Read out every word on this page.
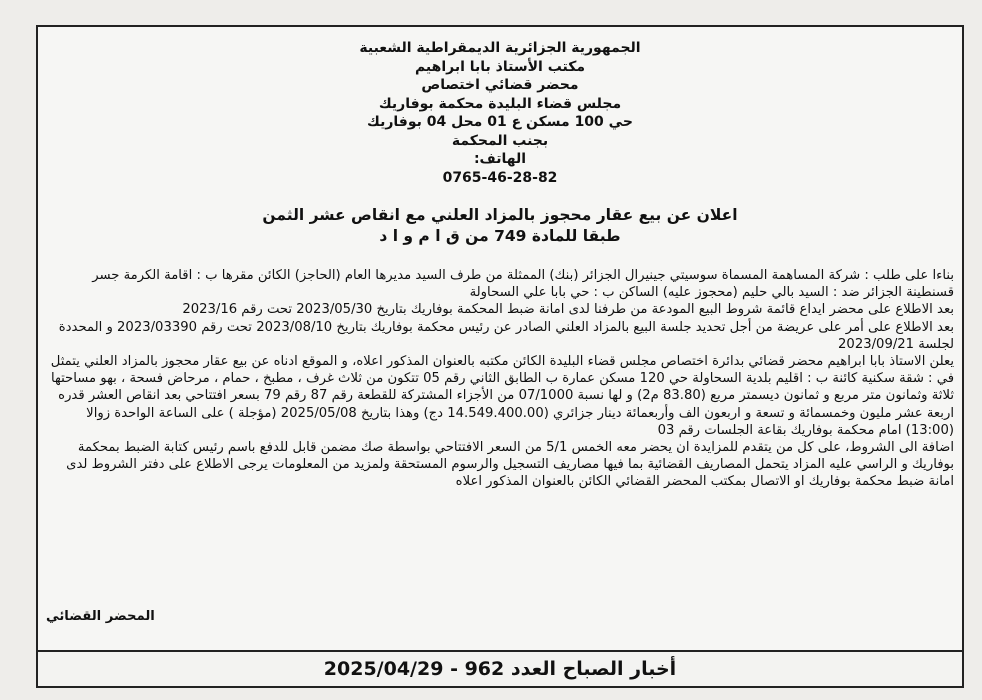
الجمهورية الجزائرية الديمقراطية الشعبية
مكتب الأستاذ بابا ابراهيم
محضر قضائي اختصاص
مجلس قضاء البليدة محكمة بوفاريك
حي 100 مسكن ع 01 محل 04 بوفاريك
بجنب المحكمة
الهاتف:
0765-46-28-82
اعلان عن بيع عقار محجوز بالمزاد العلني مع انقاص عشر الثمن
طبقا للمادة 749 من ق ا م و ا د

بناءا على طلب : شركة المساهمة المسماة سوسيتي جينيرال الجزائر (بنك) الممثلة من طرف السيد مديرها العام (الحاجز) الكائن مقرها ب : اقامة الكرمة جسر قسنطينة الجزائر ضد : السيد بالي حليم (محجوز عليه) الساكن ب : حي بابا علي السحاولة

بعد الاطلاع على محضر ايداع قائمة شروط البيع المودعة من طرفنا لدى امانة ضبط المحكمة بوفاريك بتاريخ 2023/05/30 تحت رقم 2023/16

بعد الاطلاع على أمر على عريضة من أجل تحديد جلسة البيع بالمزاد العلني الصادر عن رئيس محكمة بوفاريك بتاريخ 2023/08/10 تحت رقم 2023/03390 و المحددة لجلسة 2023/09/21

يعلن الاستاذ بابا ابراهيم محضر قضائي بدائرة اختصاص مجلس قضاء البليدة الكائن مكتبه بالعنوان المذكور اعلاه، و الموقع ادناه عن بيع عقار محجوز بالمزاد العلني يتمثل في : شقة سكنية كائنة ب : اقليم بلدية السحاولة حي 120 مسكن عمارة ب الطابق الثاني رقم 05 تتكون من ثلاث غرف ، مطبخ ، حمام ، مرحاض فسحة ، بهو مساحتها ثلاثة وثمانون متر مربع و ثمانون ديسمتر مربع (83.80 م2) و لها نسبة 07/1000 من الأجزاء المشتركة للقطعة رقم 87 رقم 79 بسعر افتتاحي بعد انقاص العشر قدره اربعة عشر مليون وخمسمائة و تسعة و اربعون الف وأربعمائة دينار جزائري (14.549.400.00 دج) وهذا بتاريخ 2025/05/08 (مؤجلة ) على الساعة الواحدة زوالا (13:00) امام محكمة بوفاريك بقاعة الجلسات رقم 03

اضافة الى الشروط، على كل من يتقدم للمزايدة ان يحضر معه الخمس 5/1 من السعر الافتتاحي بواسطة صك مضمن قابل للدفع باسم رئيس كتابة الضبط بمحكمة بوفاريك و الراسي عليه المزاد يتحمل المصاريف القضائية بما فيها مصاريف التسجيل والرسوم المستحقة ولمزيد من المعلومات يرجى الاطلاع على دفتر الشروط لدى امانة ضبط محكمة بوفاريك او الاتصال بمكتب المحضر القضائي الكائن بالعنوان المذكور اعلاه

المحضر القضائي
أخبار الصباح العدد 962 - 2025/04/29
